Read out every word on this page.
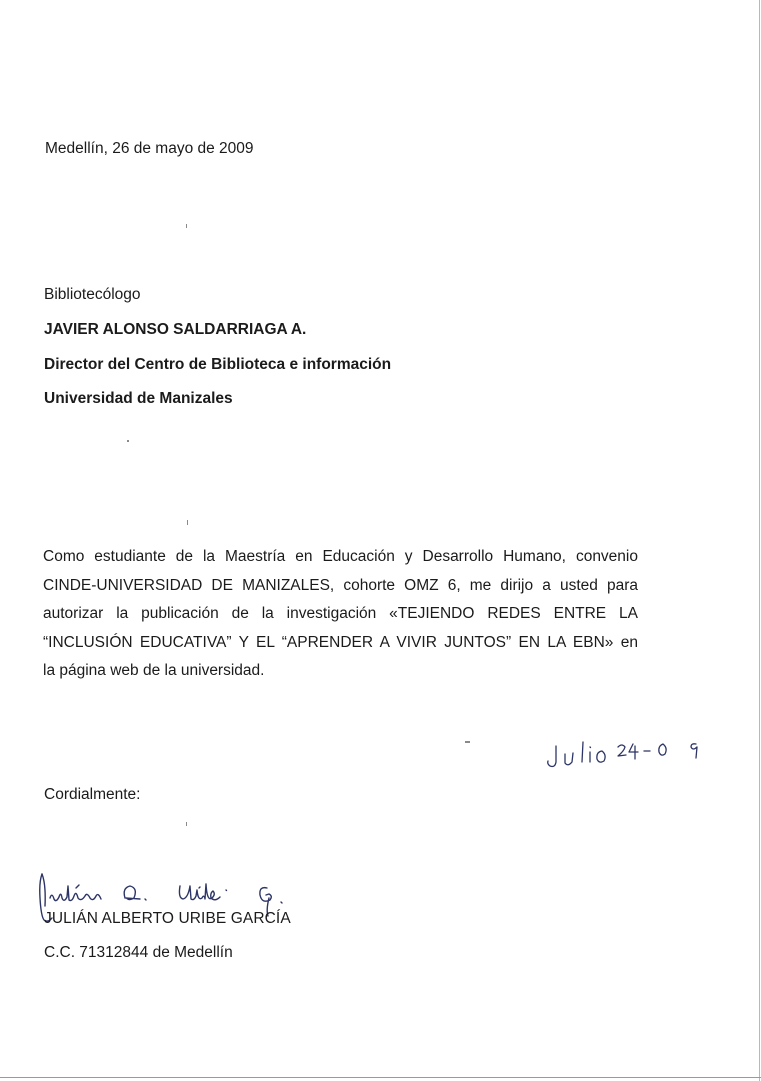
Medellín, 26 de mayo de 2009
Bibliotecólogo
JAVIER ALONSO SALDARRIAGA A.
Director del Centro de Biblioteca e información
Universidad de Manizales
Como estudiante de la Maestría en Educación y Desarrollo Humano, convenio
CINDE-UNIVERSIDAD DE MANIZALES, cohorte OMZ 6, me dirijo a usted para
autorizar la publicación de la investigación «TEJIENDO REDES ENTRE LA
“INCLUSIÓN EDUCATIVA” Y EL “APRENDER A VIVIR JUNTOS” EN LA EBN» en
la página web de la universidad.
Cordialmente:
JULIÁN ALBERTO URIBE GARCÍA
C.C. 71312844 de Medellín
